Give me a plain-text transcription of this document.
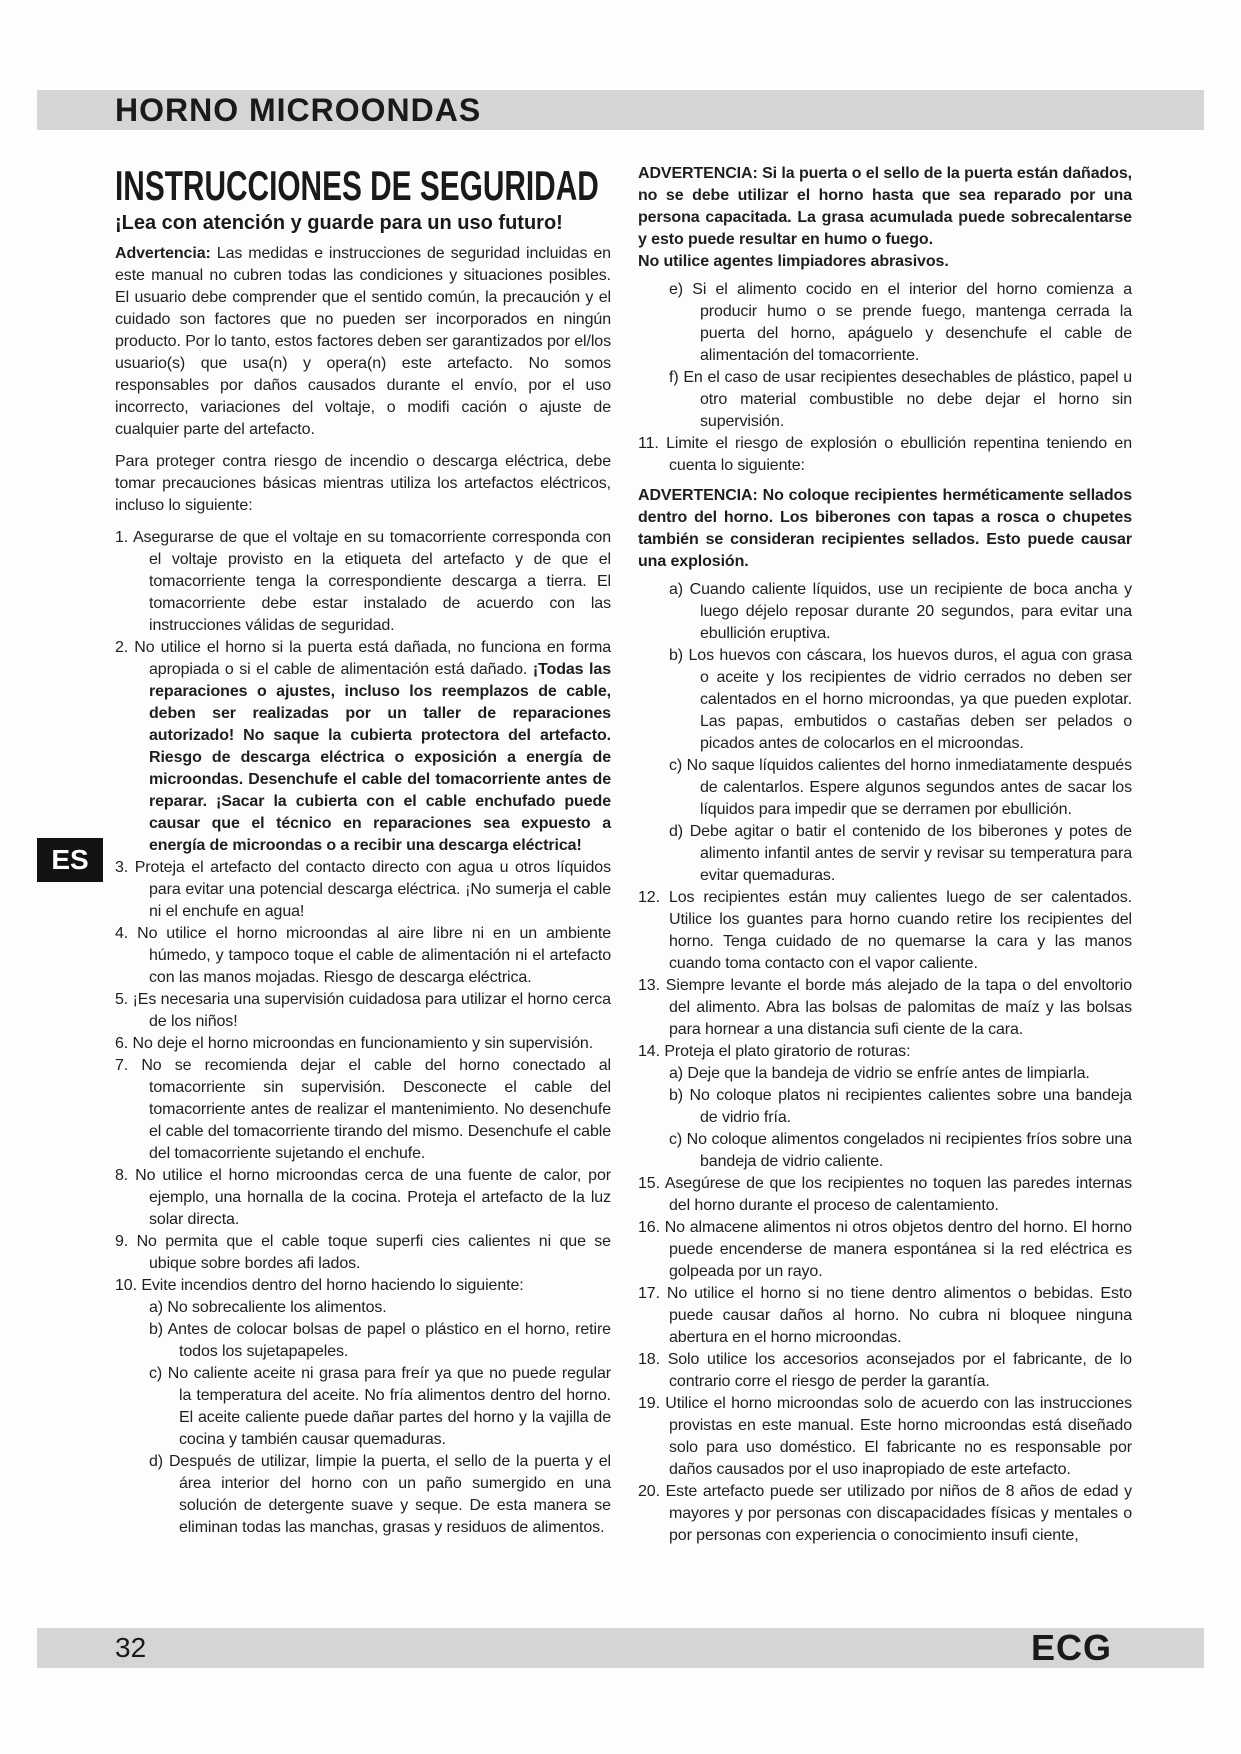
HORNO MICROONDAS
ES
INSTRUCCIONES DE SEGURIDAD
¡Lea con atención y guarde para un uso futuro!

Advertencia: Las medidas e instrucciones de seguridad incluidas en este manual no cubren todas las condiciones y situaciones posibles. El usuario debe comprender que el sentido común, la precaución y el cuidado son factores que no pueden ser incorporados en ningún producto. Por lo tanto, estos factores deben ser garantizados por el/los usuario(s) que usa(n) y opera(n) este artefacto. No somos responsables por daños causados durante el envío, por el uso incorrecto, variaciones del voltaje, o modifi cación o ajuste de cualquier parte del artefacto.

Para proteger contra riesgo de incendio o descarga eléctrica, debe tomar precauciones básicas mientras utiliza los artefactos eléctricos, incluso lo siguiente:

1. Asegurarse de que el voltaje en su tomacorriente corresponda con el voltaje provisto en la etiqueta del artefacto y de que el tomacorriente tenga la correspondiente descarga a tierra. El tomacorriente debe estar instalado de acuerdo con las instrucciones válidas de seguridad.
2. No utilice el horno si la puerta está dañada, no funciona en forma apropiada o si el cable de alimentación está dañado. ¡Todas las reparaciones o ajustes, incluso los reemplazos de cable, deben ser realizadas por un taller de reparaciones autorizado! No saque la cubierta protectora del artefacto. Riesgo de descarga eléctrica o exposición a energía de microondas. Desenchufe el cable del tomacorriente antes de reparar. ¡Sacar la cubierta con el cable enchufado puede causar que el técnico en reparaciones sea expuesto a energía de microondas o a recibir una descarga eléctrica!
3. Proteja el artefacto del contacto directo con agua u otros líquidos para evitar una potencial descarga eléctrica. ¡No sumerja el cable ni el enchufe en agua!
4. No utilice el horno microondas al aire libre ni en un ambiente húmedo, y tampoco toque el cable de alimentación ni el artefacto con las manos mojadas. Riesgo de descarga eléctrica.
5. ¡Es necesaria una supervisión cuidadosa para utilizar el horno cerca de los niños!
6. No deje el horno microondas en funcionamiento y sin supervisión.
7. No se recomienda dejar el cable del horno conectado al tomacorriente sin supervisión. Desconecte el cable del tomacorriente antes de realizar el mantenimiento. No desenchufe el cable del tomacorriente tirando del mismo. Desenchufe el cable del tomacorriente sujetando el enchufe.
8. No utilice el horno microondas cerca de una fuente de calor, por ejemplo, una hornalla de la cocina. Proteja el artefacto de la luz solar directa.
9. No permita que el cable toque superfi cies calientes ni que se ubique sobre bordes afi lados.
10. Evite incendios dentro del horno haciendo lo siguiente:
a) No sobrecaliente los alimentos.
b) Antes de colocar bolsas de papel o plástico en el horno, retire todos los sujetapapeles.
c) No caliente aceite ni grasa para freír ya que no puede regular la temperatura del aceite. No fría alimentos dentro del horno. El aceite caliente puede dañar partes del horno y la vajilla de cocina y también causar quemaduras.
d) Después de utilizar, limpie la puerta, el sello de la puerta y el área interior del horno con un paño sumergido en una solución de detergente suave y seque. De esta manera se eliminan todas las manchas, grasas y residuos de alimentos.
ADVERTENCIA: Si la puerta o el sello de la puerta están dañados, no se debe utilizar el horno hasta que sea reparado por una persona capacitada. La grasa acumulada puede sobrecalentarse y esto puede resultar en humo o fuego.
No utilice agentes limpiadores abrasivos.
e) Si el alimento cocido en el interior del horno comienza a producir humo o se prende fuego, mantenga cerrada la puerta del horno, apáguelo y desenchufe el cable de alimentación del tomacorriente.
f) En el caso de usar recipientes desechables de plástico, papel u otro material combustible no debe dejar el horno sin supervisión.
11. Limite el riesgo de explosión o ebullición repentina teniendo en cuenta lo siguiente:
ADVERTENCIA: No coloque recipientes herméticamente sellados dentro del horno. Los biberones con tapas a rosca o chupetes también se consideran recipientes sellados. Esto puede causar una explosión.
a) Cuando caliente líquidos, use un recipiente de boca ancha y luego déjelo reposar durante 20 segundos, para evitar una ebullición eruptiva.
b) Los huevos con cáscara, los huevos duros, el agua con grasa o aceite y los recipientes de vidrio cerrados no deben ser calentados en el horno microondas, ya que pueden explotar. Las papas, embutidos o castañas deben ser pelados o picados antes de colocarlos en el microondas.
c) No saque líquidos calientes del horno inmediatamente después de calentarlos. Espere algunos segundos antes de sacar los líquidos para impedir que se derramen por ebullición.
d) Debe agitar o batir el contenido de los biberones y potes de alimento infantil antes de servir y revisar su temperatura para evitar quemaduras.
12. Los recipientes están muy calientes luego de ser calentados. Utilice los guantes para horno cuando retire los recipientes del horno. Tenga cuidado de no quemarse la cara y las manos cuando toma contacto con el vapor caliente.
13. Siempre levante el borde más alejado de la tapa o del envoltorio del alimento. Abra las bolsas de palomitas de maíz y las bolsas para hornear a una distancia sufi ciente de la cara.
14. Proteja el plato giratorio de roturas:
a) Deje que la bandeja de vidrio se enfríe antes de limpiarla.
b) No coloque platos ni recipientes calientes sobre una bandeja de vidrio fría.
c) No coloque alimentos congelados ni recipientes fríos sobre una bandeja de vidrio caliente.
15. Asegúrese de que los recipientes no toquen las paredes internas del horno durante el proceso de calentamiento.
16. No almacene alimentos ni otros objetos dentro del horno. El horno puede encenderse de manera espontánea si la red eléctrica es golpeada por un rayo.
17. No utilice el horno si no tiene dentro alimentos o bebidas. Esto puede causar daños al horno. No cubra ni bloquee ninguna abertura en el horno microondas.
18. Solo utilice los accesorios aconsejados por el fabricante, de lo contrario corre el riesgo de perder la garantía.
19. Utilice el horno microondas solo de acuerdo con las instrucciones provistas en este manual. Este horno microondas está diseñado solo para uso doméstico. El fabricante no es responsable por daños causados por el uso inapropiado de este artefacto.
20. Este artefacto puede ser utilizado por niños de 8 años de edad y mayores y por personas con discapacidades físicas y mentales o por personas con experiencia o conocimiento insufi ciente,
32	ECG
